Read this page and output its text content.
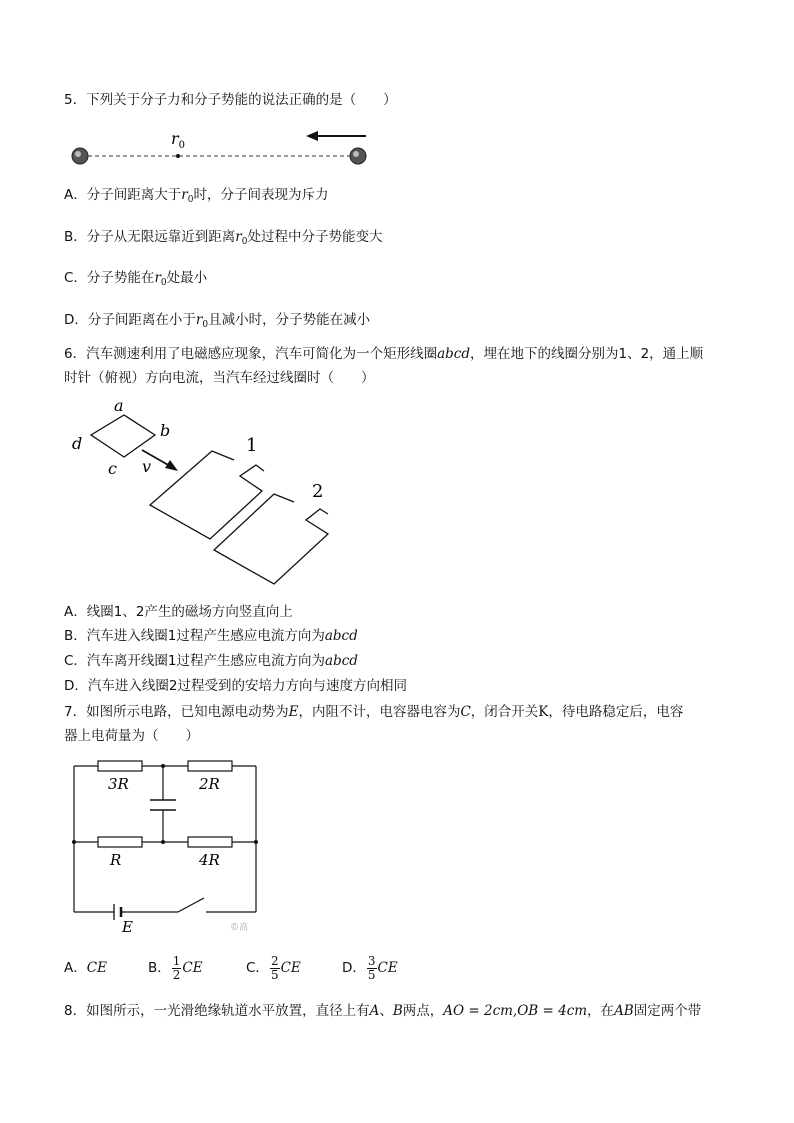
5．下列关于分子力和分子势能的说法正确的是（　　）
$r_0$
A．分子间距离大于$r_0$时，分子间表现为斥力
B．分子从无限远靠近到距离$r_0$处过程中分子势能变大
C．分子势能在$r_0$处最小
D．分子间距离在小于$r_0$且减小时，分子势能在减小
6．汽车测速利用了电磁感应现象，汽车可简化为一个矩形线圈abcd，埋在地下的线圈分别为1、2，通上顺
时针（俯视）方向电流，当汽车经过线圈时（　　）
a
b
d
c v
1
2
A．线圈1、2产生的磁场方向竖直向上
B．汽车进入线圈1过程产生感应电流方向为abcd
C．汽车离开线圈1过程产生感应电流方向为abcd
D．汽车进入线圈2过程受到的安培力方向与速度方向相同
7．如图所示电路，已知电源电动势为E，内阻不计，电容器电容为C，闭合开关K，待电路稳定后，电容
器上电荷量为（　　）
3R	2R
R	4R
E	©高
A．CE	B． $\frac{1}{2}$ CE	C． $\frac{2}{5}$ CE	D． $\frac{3}{5}$ CE
8．如图所示，一光滑绝缘轨道水平放置，直径上有A、B两点，AO = 2cm,OB = 4cm，在AB固定两个带
